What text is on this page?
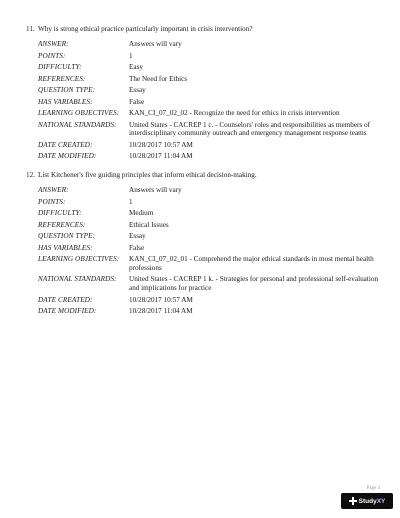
11. Why is strong ethical practice particularly important in crisis intervention?
ANSWER:	Answers will vary
POINTS:	1
DIFFICULTY:	Easy
REFERENCES:	The Need for Ethics
QUESTION TYPE:	Essay
HAS VARIABLES:	False
LEARNING OBJECTIVES:	KAN_CI_07_02_02 - Recognize the need for ethics in crisis intervention
NATIONAL STANDARDS:	United States - CACREP 1 c. - Counselors' roles and responsibilities as members of interdisciplinary community outreach and emergency management response teams
DATE CREATED:	10/28/2017 10:57 AM
DATE MODIFIED:	10/28/2017 11:04 AM
12. List Kitchener's five guiding principles that inform ethical decision-making.
ANSWER:	Answers will vary
POINTS:	1
DIFFICULTY:	Medium
REFERENCES:	Ethical Issues
QUESTION TYPE:	Essay
HAS VARIABLES:	False
LEARNING OBJECTIVES:	KAN_CI_07_02_01 - Comprehend the major ethical standards in most mental health professions
NATIONAL STANDARDS:	United States - CACREP 1 k. - Strategies for personal and professional self-evaluation and implications for practice
DATE CREATED:	10/28/2017 10:57 AM
DATE MODIFIED:	10/28/2017 11:04 AM
Page 4
StudyXY
